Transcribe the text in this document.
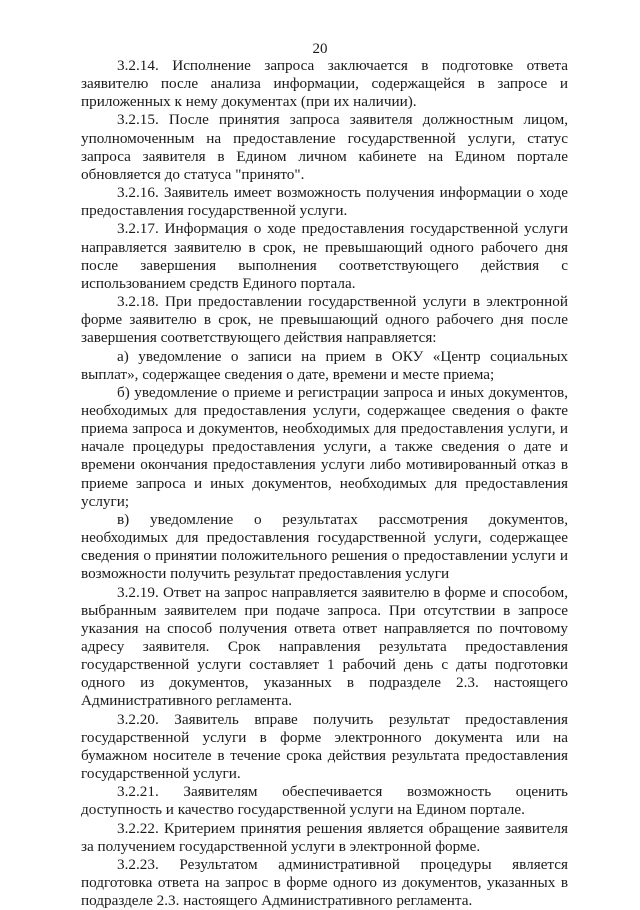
20

3.2.14. Исполнение запроса заключается в подготовке ответа заявителю после анализа информации, содержащейся в запросе и приложенных к нему документах (при их наличии).

3.2.15. После принятия запроса заявителя должностным лицом, уполномоченным на предоставление государственной услуги, статус запроса заявителя в Едином личном кабинете на Едином портале обновляется до статуса "принято".

3.2.16. Заявитель имеет возможность получения информации о ходе предоставления государственной услуги.

3.2.17. Информация о ходе предоставления государственной услуги направляется заявителю в срок, не превышающий одного рабочего дня после завершения выполнения соответствующего действия с использованием средств Единого портала.

3.2.18. При предоставлении государственной услуги в электронной форме заявителю в срок, не превышающий одного рабочего дня после завершения соответствующего действия направляется:

а) уведомление о записи на прием в ОКУ «Центр социальных выплат», содержащее сведения о дате, времени и месте приема;

б) уведомление о приеме и регистрации запроса и иных документов, необходимых для предоставления услуги, содержащее сведения о факте приема запроса и документов, необходимых для предоставления услуги, и начале процедуры предоставления услуги, а также сведения о дате и времени окончания предоставления услуги либо мотивированный отказ в приеме запроса и иных документов, необходимых для предоставления услуги;

в) уведомление о результатах рассмотрения документов, необходимых для предоставления государственной услуги, содержащее сведения о принятии положительного решения о предоставлении услуги и возможности получить результат предоставления услуги

3.2.19. Ответ на запрос направляется заявителю в форме и способом, выбранным заявителем при подаче запроса. При отсутствии в запросе указания на способ получения ответа ответ направляется по почтовому адресу заявителя. Срок направления результата предоставления государственной услуги составляет 1 рабочий день с даты подготовки одного из документов, указанных в подразделе 2.3. настоящего Административного регламента.

3.2.20. Заявитель вправе получить результат предоставления государственной услуги в форме электронного документа или на бумажном носителе в течение срока действия результата предоставления государственной услуги.

3.2.21. Заявителям обеспечивается возможность оценить доступность и качество государственной услуги на Едином портале.

3.2.22. Критерием принятия решения является обращение заявителя за получением государственной услуги в электронной форме.

3.2.23. Результатом административной процедуры является подготовка ответа на запрос в форме одного из документов, указанных в подразделе 2.3. настоящего Административного регламента.
